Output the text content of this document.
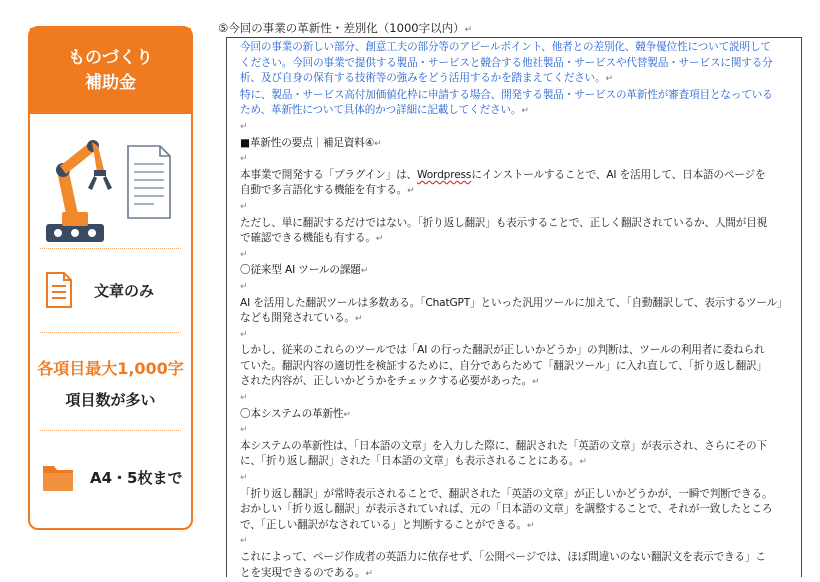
ものづくり
補助金
文章のみ
各項目最大1,000字
項目数が多い
A4・5枚まで
⑤今回の事業の革新性・差別化（1000字以内）↵
今回の事業の新しい部分、創意工夫の部分等のアピールポイント、他者との差別化、競争優位性について説明して
ください。今回の事業で提供する製品・サービスと競合する他社製品・サービスや代替製品・サービスに関する分
析、及び自身の保有する技術等の強みをどう活用するかを踏まえてください。↵
特に、製品・サービス高付加価値化枠に申請する場合、開発する製品・サービスの革新性が審査項目となっている
ため、革新性について具体的かつ詳細に記載してください。↵
↵
■革新性の要点｜補足資料④↵
↵
本事業で開発する「プラグイン」は、Wordpressにインストールすることで、AI を活用して、日本語のページを
自動で多言語化する機能を有する。↵
↵
ただし、単に翻訳するだけではない。「折り返し翻訳」も表示することで、正しく翻訳されているか、人間が目視
で確認できる機能も有する。↵
↵
〇従来型 AI ツールの課題↵
↵
AI を活用した翻訳ツールは多数ある。「ChatGPT」といった汎用ツールに加えて、「自動翻訳して、表示するツール」
なども開発されている。↵
↵
しかし、従来のこれらのツールでは「AI の行った翻訳が正しいかどうか」の判断は、ツールの利用者に委ねられ
ていた。翻訳内容の適切性を検証するために、自分であらためて「翻訳ツール」に入れ直して、「折り返し翻訳」
された内容が、正しいかどうかをチェックする必要があった。↵
↵
〇本システムの革新性↵
↵
本システムの革新性は、「日本語の文章」を入力した際に、翻訳された「英語の文章」が表示され、さらにその下
に、「折り返し翻訳」された「日本語の文章」も表示されることにある。↵
↵
「折り返し翻訳」が常時表示されることで、翻訳された「英語の文章」が正しいかどうかが、一瞬で判断できる。
おかしい「折り返し翻訳」が表示されていれば、元の「日本語の文章」を調整することで、それが一致したところ
で、「正しい翻訳がなされている」と判断することができる。↵
↵
これによって、ページ作成者の英語力に依存せず、「公開ページでは、ほぼ間違いのない翻訳文を表示できる」こ
とを実現できるのである。↵
